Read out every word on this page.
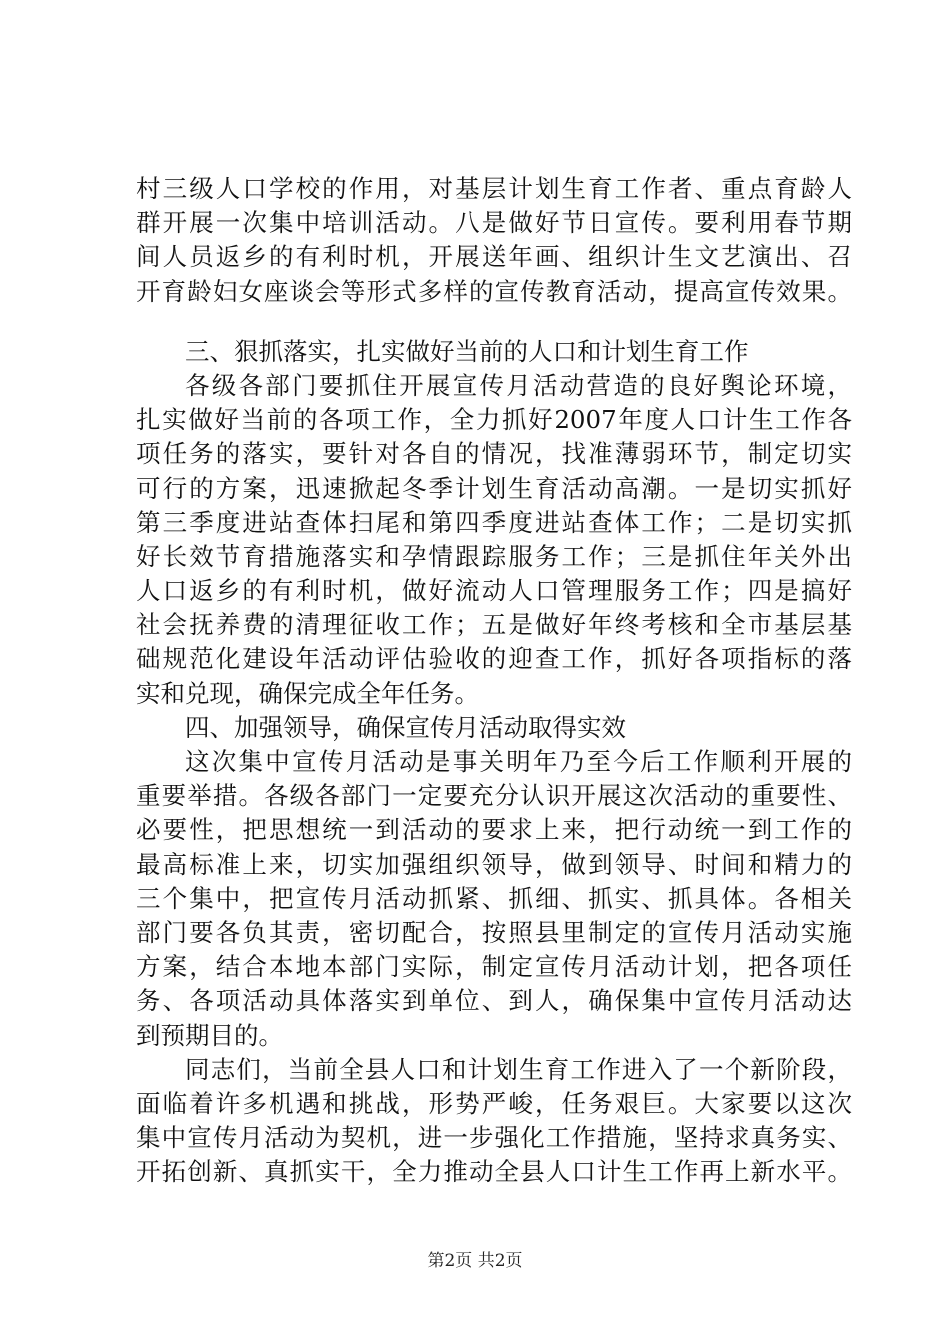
村三级人口学校的作用，对基层计划生育工作者、重点育龄人
群开展一次集中培训活动。八是做好节日宣传。要利用春节期
间人员返乡的有利时机，开展送年画、组织计生文艺演出、召
开育龄妇女座谈会等形式多样的宣传教育活动，提高宣传效果。
三、狠抓落实，扎实做好当前的人口和计划生育工作
各级各部门要抓住开展宣传月活动营造的良好舆论环境，
扎实做好当前的各项工作，全力抓好2007年度人口计生工作各
项任务的落实，要针对各自的情况，找准薄弱环节，制定切实
可行的方案，迅速掀起冬季计划生育活动高潮。一是切实抓好
第三季度进站查体扫尾和第四季度进站查体工作；二是切实抓
好长效节育措施落实和孕情跟踪服务工作；三是抓住年关外出
人口返乡的有利时机，做好流动人口管理服务工作；四是搞好
社会抚养费的清理征收工作；五是做好年终考核和全市基层基
础规范化建设年活动评估验收的迎查工作，抓好各项指标的落
实和兑现，确保完成全年任务。
四、加强领导，确保宣传月活动取得实效
这次集中宣传月活动是事关明年乃至今后工作顺利开展的
重要举措。各级各部门一定要充分认识开展这次活动的重要性、
必要性，把思想统一到活动的要求上来，把行动统一到工作的
最高标准上来，切实加强组织领导，做到领导、时间和精力的
三个集中，把宣传月活动抓紧、抓细、抓实、抓具体。各相关
部门要各负其责，密切配合，按照县里制定的宣传月活动实施
方案，结合本地本部门实际，制定宣传月活动计划，把各项任
务、各项活动具体落实到单位、到人，确保集中宣传月活动达
到预期目的。
同志们，当前全县人口和计划生育工作进入了一个新阶段，
面临着许多机遇和挑战，形势严峻，任务艰巨。大家要以这次
集中宣传月活动为契机，进一步强化工作措施，坚持求真务实、
开拓创新、真抓实干，全力推动全县人口计生工作再上新水平。
第2页 共2页
